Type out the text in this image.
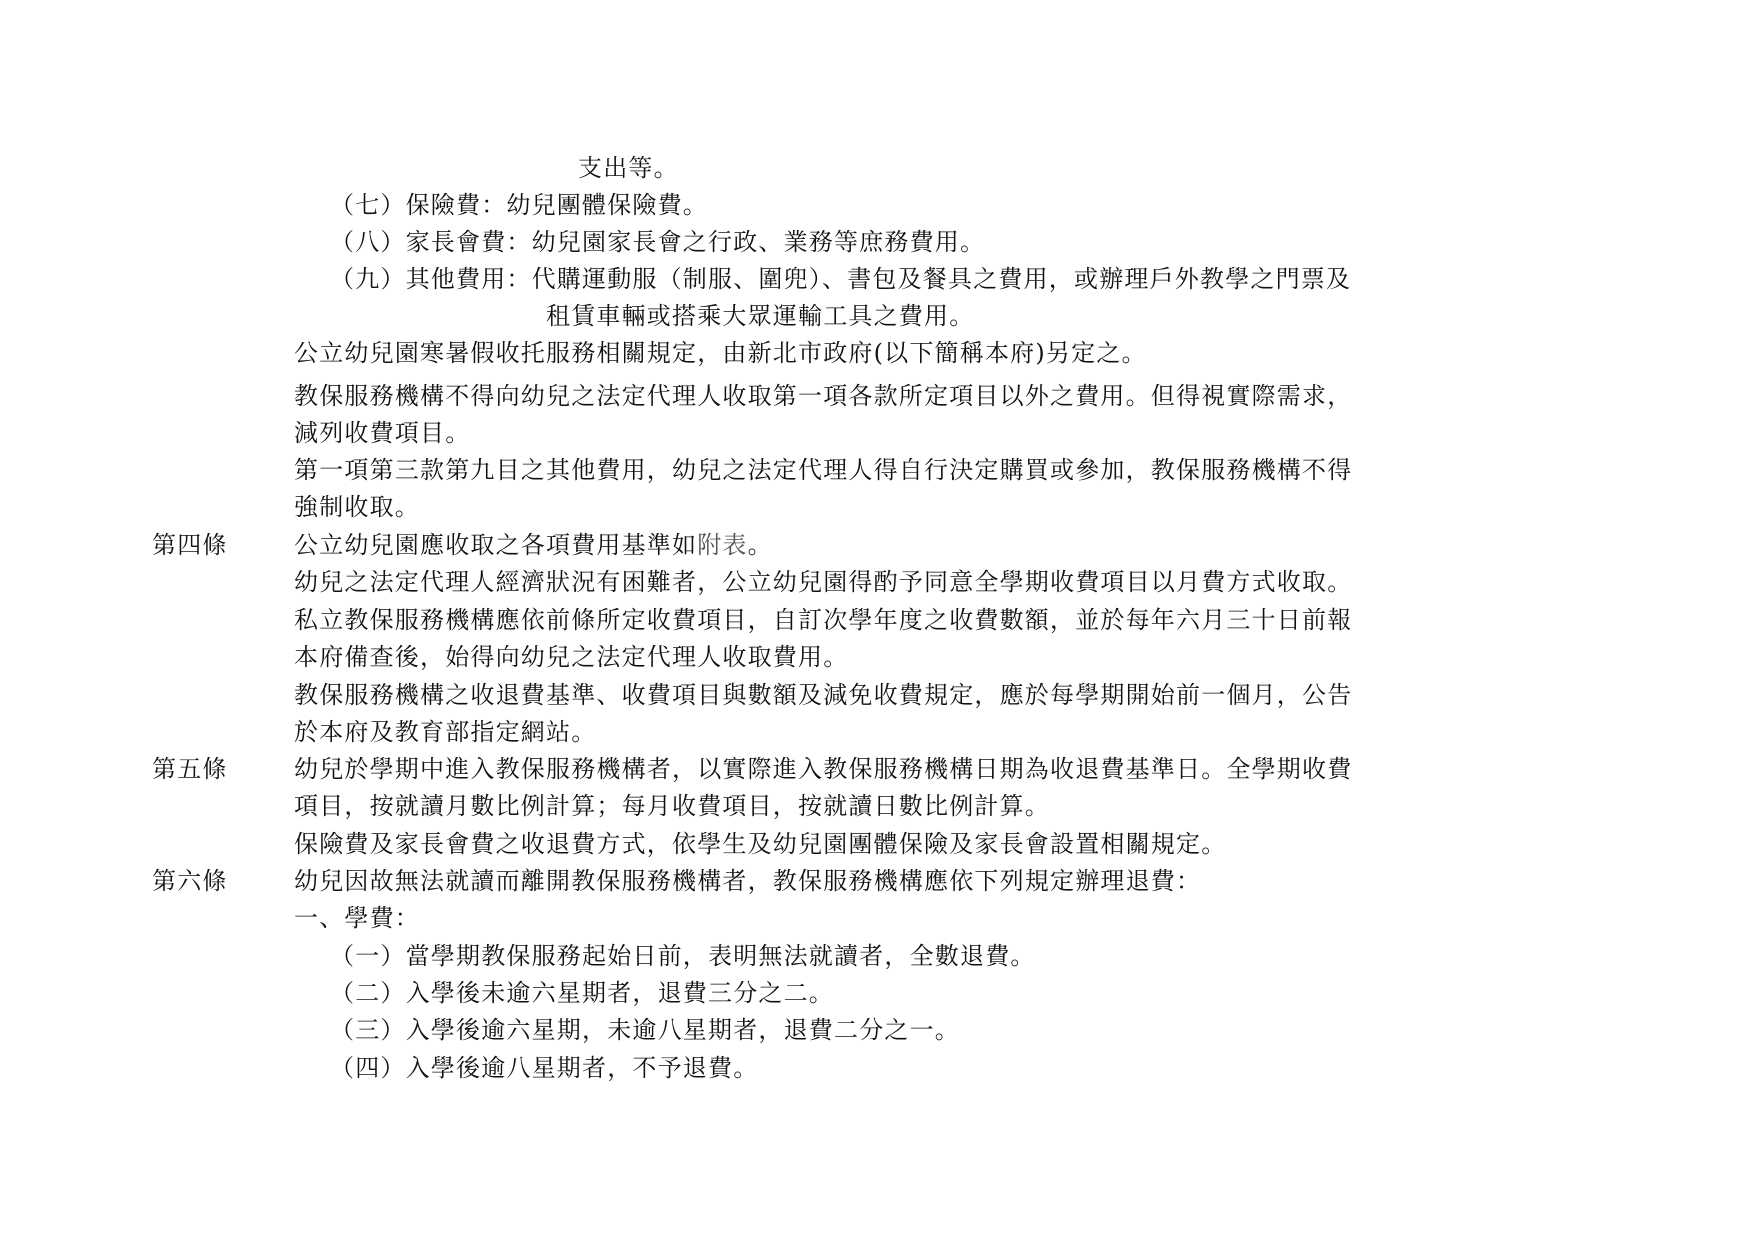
第四條
第五條
第六條
支出等。
（七）保險費：幼兒團體保險費。
（八）家長會費：幼兒園家長會之行政、業務等庶務費用。
（九）其他費用：代購運動服（制服、圍兜）、書包及餐具之費用，或辦理戶外教學之門票及
租賃車輛或搭乘大眾運輸工具之費用。
公立幼兒園寒暑假收托服務相關規定，由新北市政府(以下簡稱本府)另定之。
教保服務機構不得向幼兒之法定代理人收取第一項各款所定項目以外之費用。但得視實際需求，
減列收費項目。
第一項第三款第九目之其他費用，幼兒之法定代理人得自行決定購買或參加，教保服務機構不得
強制收取。
公立幼兒園應收取之各項費用基準如附表。
幼兒之法定代理人經濟狀況有困難者，公立幼兒園得酌予同意全學期收費項目以月費方式收取。
私立教保服務機構應依前條所定收費項目，自訂次學年度之收費數額，並於每年六月三十日前報
本府備查後，始得向幼兒之法定代理人收取費用。
教保服務機構之收退費基準、收費項目與數額及減免收費規定，應於每學期開始前一個月，公告
於本府及教育部指定網站。
幼兒於學期中進入教保服務機構者，以實際進入教保服務機構日期為收退費基準日。全學期收費
項目，按就讀月數比例計算；每月收費項目，按就讀日數比例計算。
保險費及家長會費之收退費方式，依學生及幼兒園團體保險及家長會設置相關規定。
幼兒因故無法就讀而離開教保服務機構者，教保服務機構應依下列規定辦理退費：
一、學費：
（一）當學期教保服務起始日前，表明無法就讀者，全數退費。
（二）入學後未逾六星期者，退費三分之二。
（三）入學後逾六星期，未逾八星期者，退費二分之一。
（四）入學後逾八星期者，不予退費。
